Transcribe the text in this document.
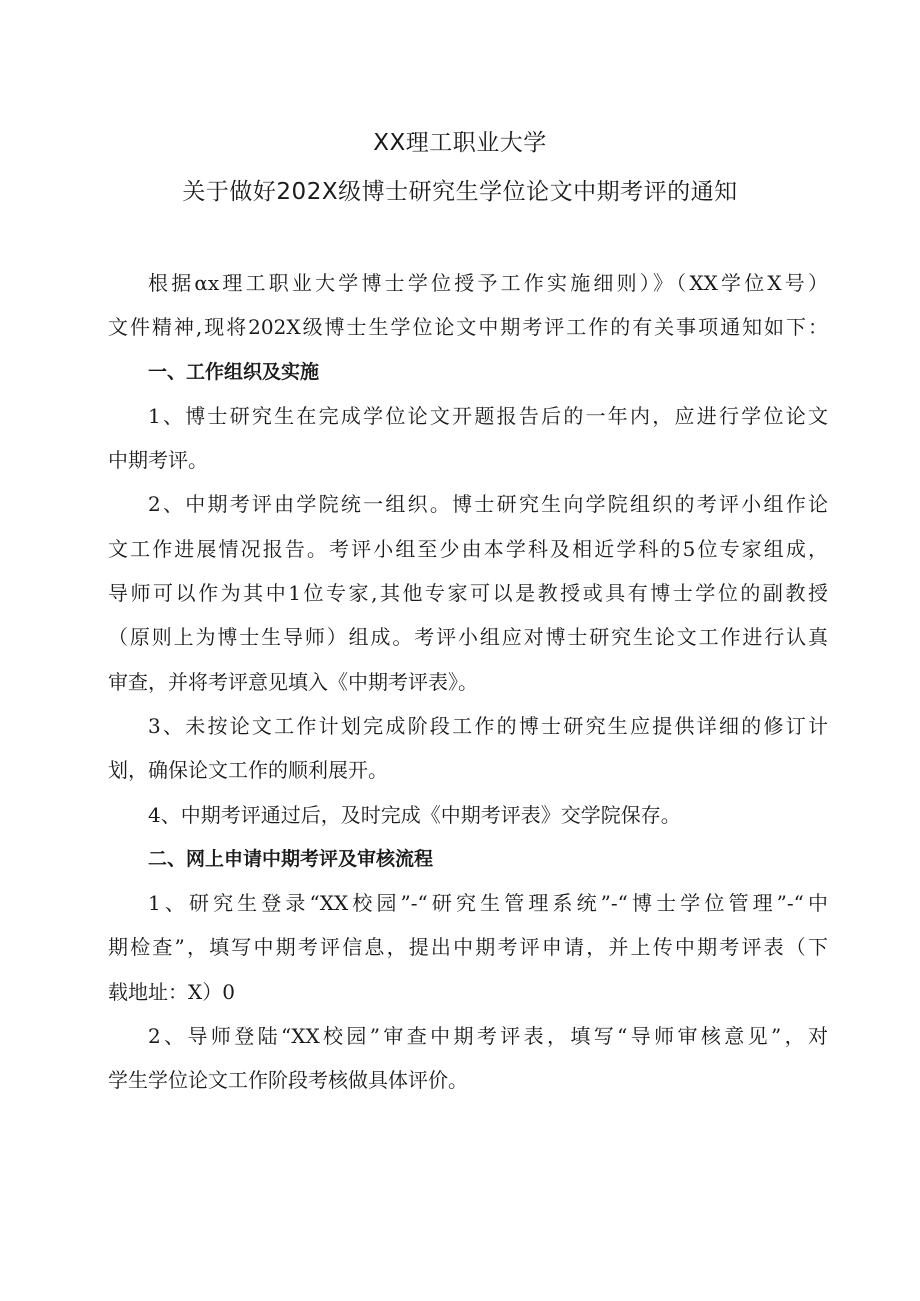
XX理工职业大学
关于做好202X级博士研究生学位论文中期考评的通知
根据αx理工职业大学博士学位授予工作实施细则）》（XX学位X号）
文件精神,现将202X级博士生学位论文中期考评工作的有关事项通知如下：
一、工作组织及实施
1、博士研究生在完成学位论文开题报告后的一年内，应进行学位论文
中期考评。
2、中期考评由学院统一组织。博士研究生向学院组织的考评小组作论
文工作进展情况报告。考评小组至少由本学科及相近学科的5位专家组成，
导师可以作为其中1位专家,其他专家可以是教授或具有博士学位的副教授
（原则上为博士生导师）组成。考评小组应对博士研究生论文工作进行认真
审查，并将考评意见填入《中期考评表》。
3、未按论文工作计划完成阶段工作的博士研究生应提供详细的修订计
划，确保论文工作的顺利展开。
4、中期考评通过后，及时完成《中期考评表》交学院保存。
二、网上申请中期考评及审核流程
1、研究生登录“XX校园”-“研究生管理系统”-“博士学位管理”-“中
期检查”，填写中期考评信息，提出中期考评申请，并上传中期考评表（下
载地址：X）0
2、导师登陆“XX校园”审查中期考评表，填写“导师审核意见”，对
学生学位论文工作阶段考核做具体评价。
